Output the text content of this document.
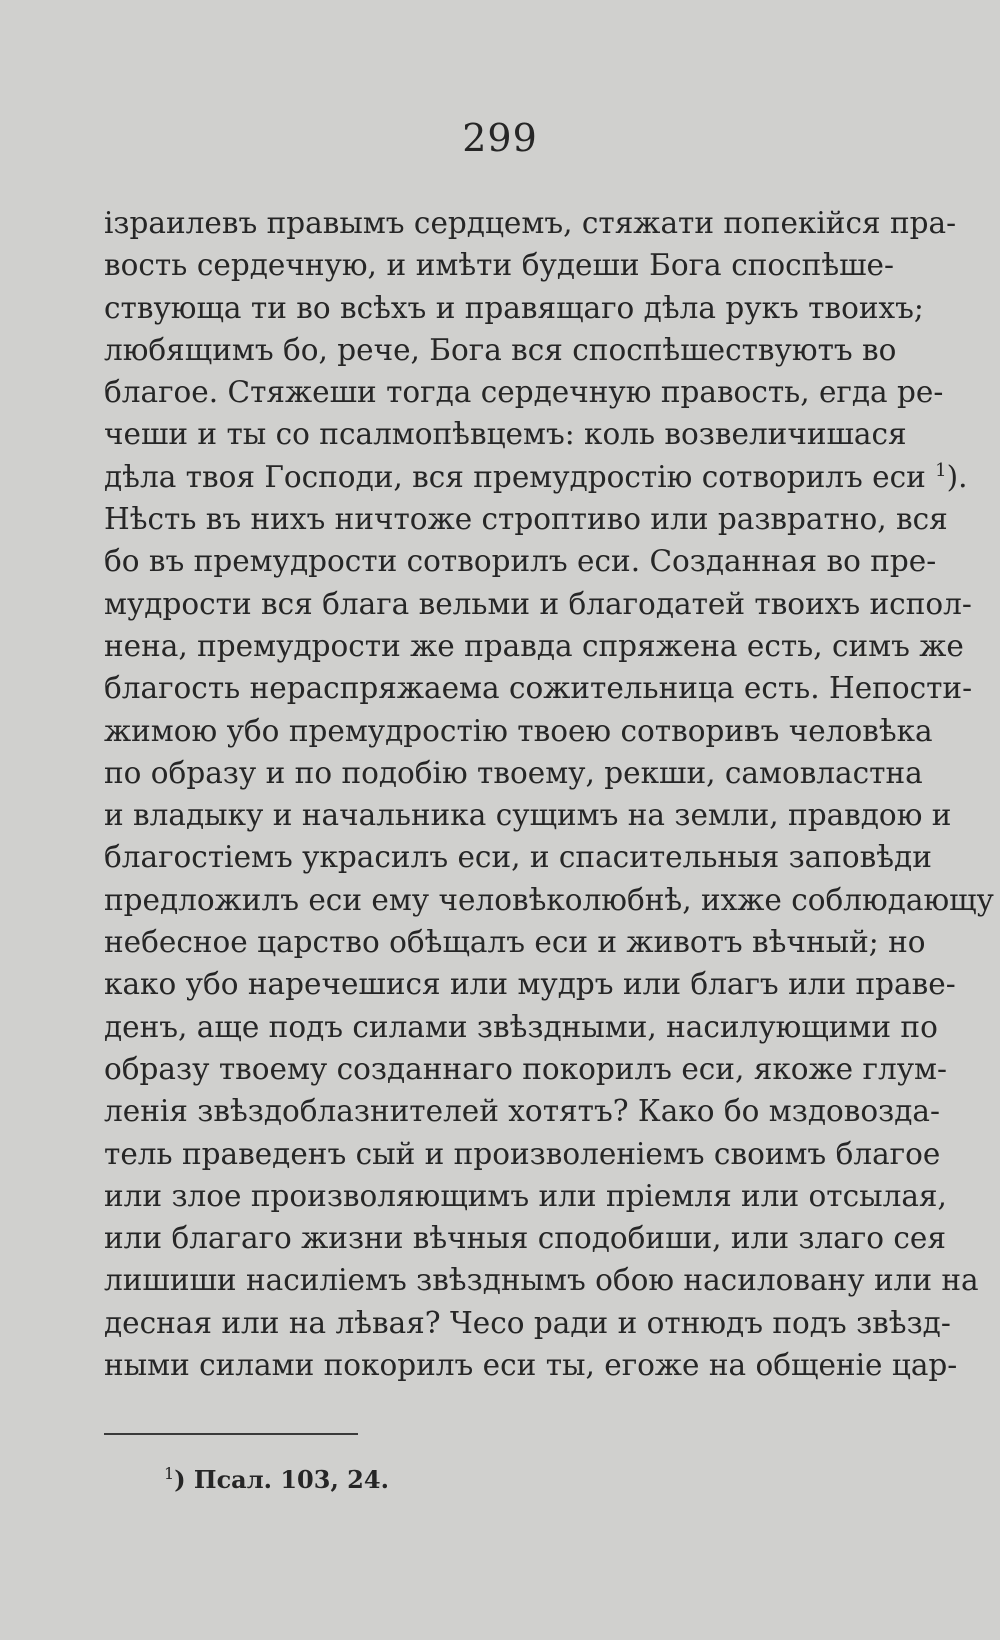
299
ізраилевъ правымъ сердцемъ, стяжати попекійся пра-
вость сердечную, и имѣти будеши Бога споспѣше-
ствующа ти во всѣхъ и правящаго дѣла рукъ твоихъ;
любящимъ бо, рече, Бога вся споспѣшествуютъ во
благое. Стяжеши тогда сердечную правость, егда ре-
чеши и ты со псалмопѣвцемъ: коль возвеличишася
дѣла твоя Господи, вся премудростію сотворилъ еси $^1$).
Нѣсть въ нихъ ничтоже строптиво или развратно, вся
бо въ премудрости сотворилъ еси. Созданная во пре-
мудрости вся блага вельми и благодатей твоихъ испол-
нена, премудрости же правда спряжена есть, симъ же
благость нераспряжаема сожительница есть. Непости-
жимою убо премудростію твоею сотворивъ человѣка
по образу и по подобію твоему, рекши, самовластна
и владыку и начальника сущимъ на земли, правдою и
благостіемъ украсилъ еси, и спасительныя заповѣди
предложилъ еси ему человѣколюбнѣ, ихже соблюдающу
небесное царство обѣщалъ еси и животъ вѣчный; но
како убо наречешися или мудръ или благъ или праве-
денъ, аще подъ силами звѣздными, насилующими по
образу твоему созданнаго покорилъ еси, якоже глум-
ленія звѣздоблазнителей хотятъ? Како бо мздовозда-
тель праведенъ сый и произволеніемъ своимъ благое
или злое произволяющимъ или пріемля или отсылая,
или благаго жизни вѣчныя сподобиши, или злаго сея
лишиши насиліемъ звѣзднымъ обою насиловану или на
десная или на лѣвая? Чесо ради и отнюдъ подъ звѣзд-
ными силами покорилъ еси ты, егоже на общеніе цар-
$^1$) Псал. 103, 24.
